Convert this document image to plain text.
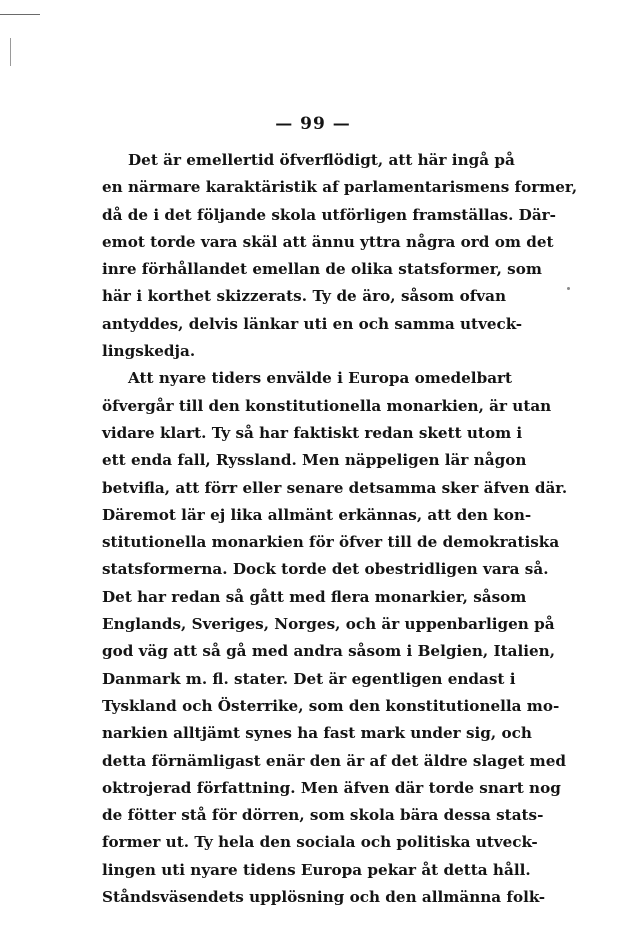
— 99 —
Det är emellertid öfverflödigt, att här ingå på
en närmare karaktäristik af parlamentarismens former,
då de i det följande skola utförligen framställas. Där-
emot torde vara skäl att ännu yttra några ord om det
inre förhållandet emellan de olika statsformer, som
här i korthet skizzerats. Ty de äro, såsom ofvan
antyddes, delvis länkar uti en och samma utveck-
lingskedja.
Att nyare tiders envälde i Europa omedelbart
öfvergår till den konstitutionella monarkien, är utan
vidare klart. Ty så har faktiskt redan skett utom i
ett enda fall, Ryssland. Men näppeligen lär någon
betvifla, att förr eller senare detsamma sker äfven där.
Däremot lär ej lika allmänt erkännas, att den kon-
stitutionella monarkien för öfver till de demokratiska
statsformerna. Dock torde det obestridligen vara så.
Det har redan så gått med flera monarkier, såsom
Englands, Sveriges, Norges, och är uppenbarligen på
god väg att så gå med andra såsom i Belgien, Italien,
Danmark m. fl. stater. Det är egentligen endast i
Tyskland och Österrike, som den konstitutionella mo-
narkien alltjämt synes ha fast mark under sig, och
detta förnämligast enär den är af det äldre slaget med
oktrojerad författning. Men äfven där torde snart nog
de fötter stå för dörren, som skola bära dessa stats-
former ut. Ty hela den sociala och politiska utveck-
lingen uti nyare tidens Europa pekar åt detta håll.
Ståndsväsendets upplösning och den allmänna folk-
